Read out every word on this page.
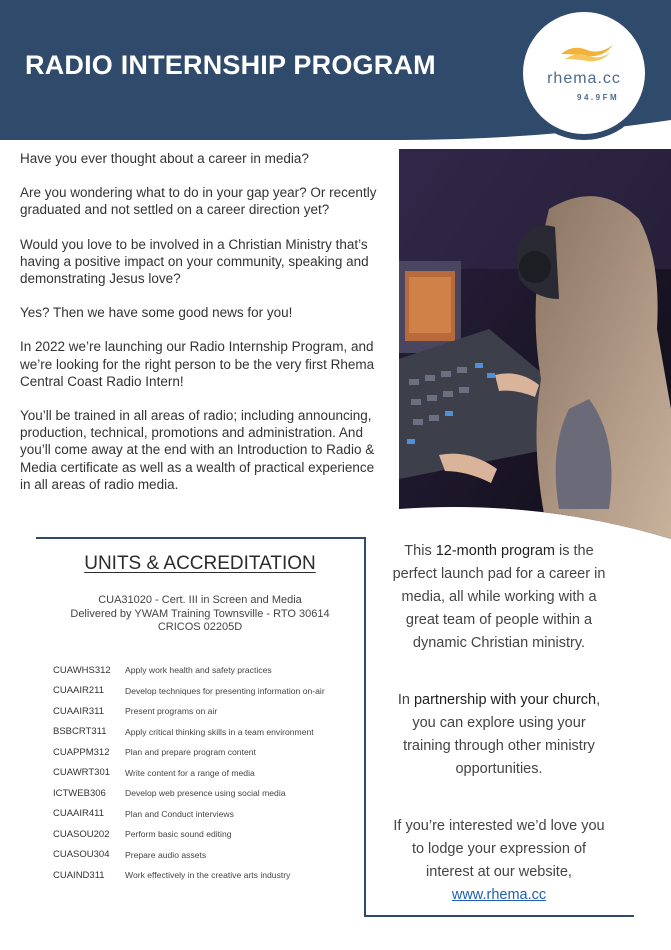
RADIO INTERNSHIP PROGRAM	rhema.cc
94.9FM

Have you ever thought about a career in media?

Are you wondering what to do in your gap year? Or recently graduated and not settled on a career direction yet?

Would you love to be involved in a Christian Ministry that’s having a positive impact on your community, speaking and demonstrating Jesus love?

Yes? Then we have some good news for you!

In 2022 we’re launching our Radio Internship Program, and we’re looking for the right person to be the very first Rhema Central Coast Radio Intern!

You’ll be trained in all areas of radio; including announcing, production, technical, promotions and administration. And you’ll come away at the end with an Introduction to Radio & Media certificate as well as a wealth of practical experience in all areas of radio media.

UNITS & ACCREDITATION
CUA31020 - Cert. III in Screen and Media
Delivered by YWAM Training Townsville - RTO 30614
CRICOS 02205D
CUAWHS312	Apply work health and safety practices
CUAAIR211	Develop techniques for presenting information on-air
CUAAIR311	Present programs on air
BSBCRT311	Apply critical thinking skills in a team environment
CUAPPM312	Plan and prepare program content
CUAWRT301	Write content for a range of media
ICTWEB306	Develop web presence using social media
CUAAIR411	Plan and Conduct interviews
CUASOU202	Perform basic sound editing
CUASOU304	Prepare audio assets
CUAIND311	Work effectively in the creative arts industry

This 12-month program is the perfect launch pad for a career in media, all while working with a great team of people within a dynamic Christian ministry.

In partnership with your church, you can explore using your training through other ministry opportunities.

If you’re interested we’d love you to lodge your expression of interest at our website,
www.rhema.cc
